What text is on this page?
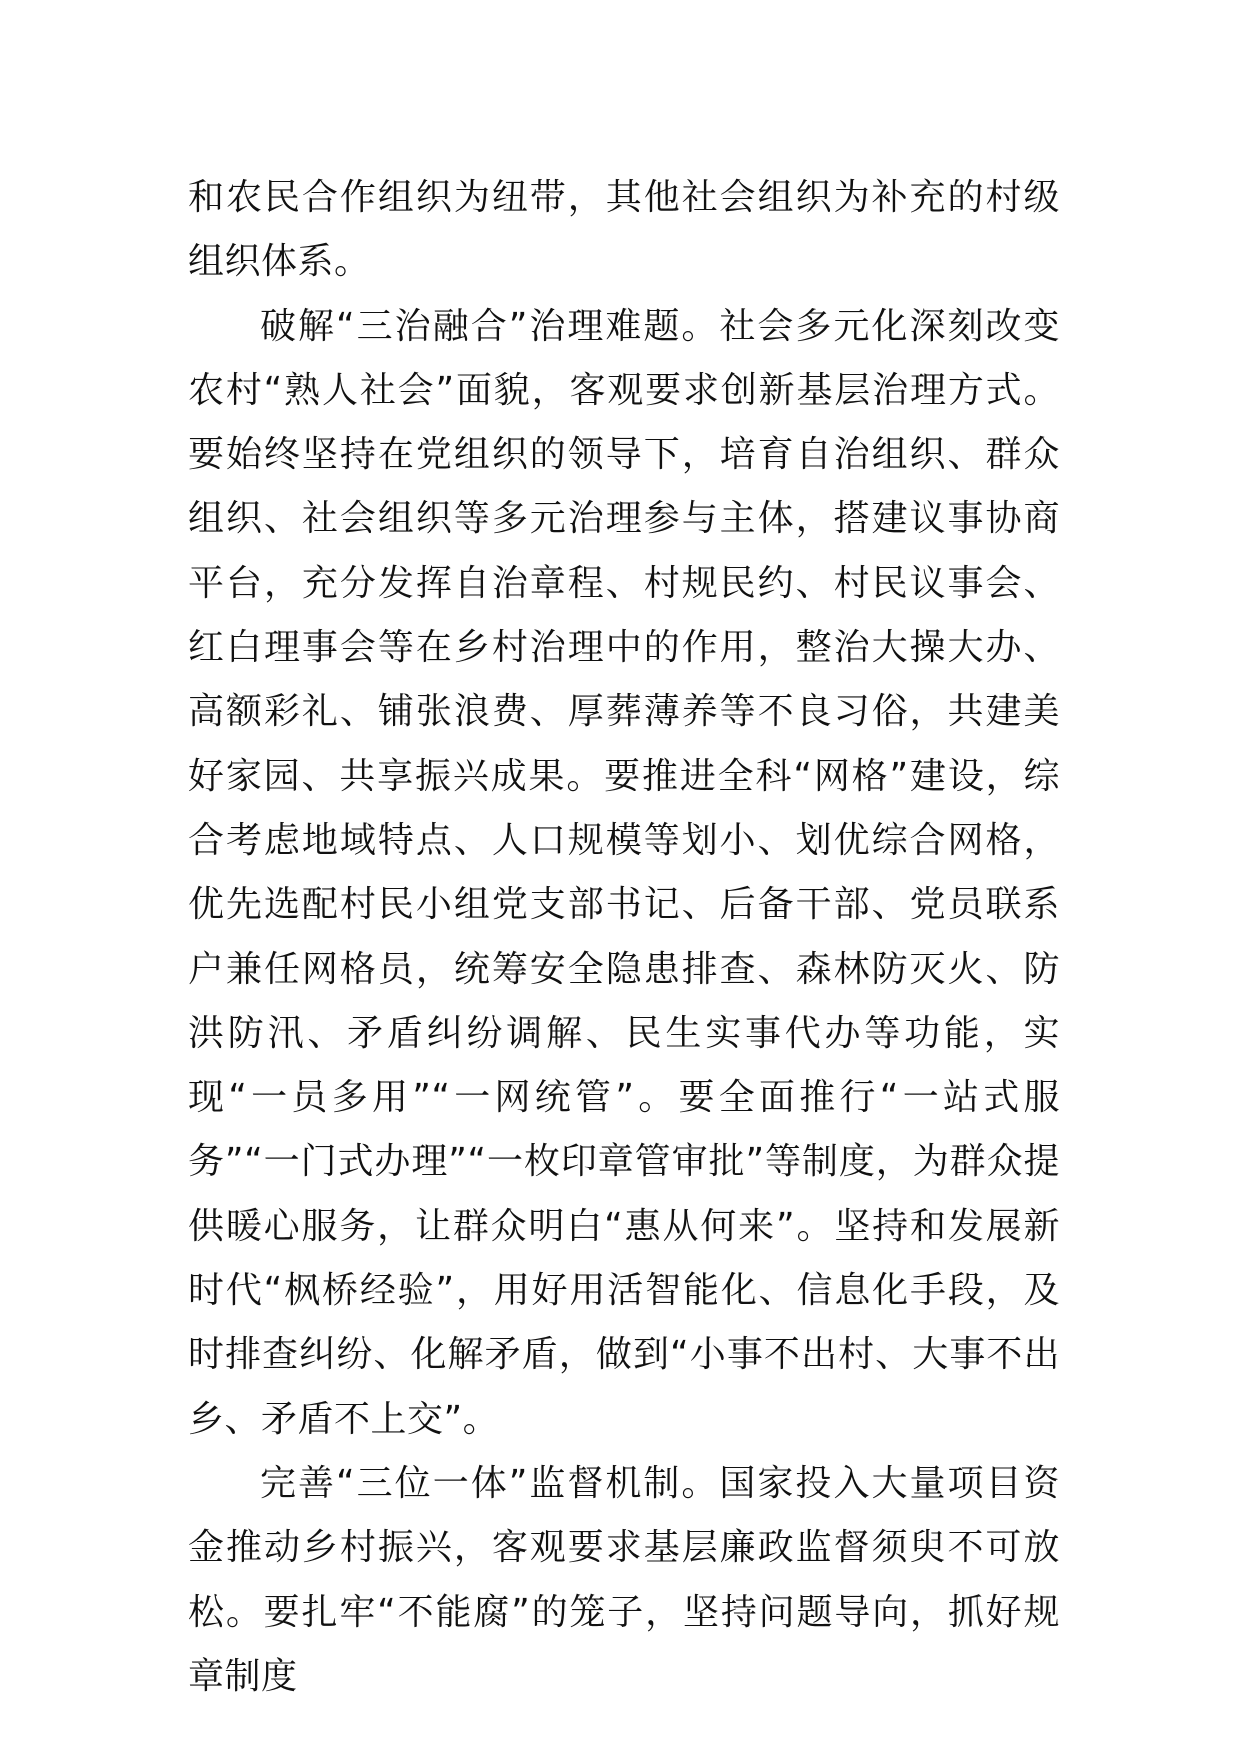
和农民合作组织为纽带，其他社会组织为补充的村级组织体系。

破解“三治融合”治理难题。社会多元化深刻改变农村“熟人社会”面貌，客观要求创新基层治理方式。要始终坚持在党组织的领导下，培育自治组织、群众组织、社会组织等多元治理参与主体，搭建议事协商平台，充分发挥自治章程、村规民约、村民议事会、红白理事会等在乡村治理中的作用，整治大操大办、高额彩礼、铺张浪费、厚葬薄养等不良习俗，共建美好家园、共享振兴成果。要推进全科“网格”建设，综合考虑地域特点、人口规模等划小、划优综合网格，优先选配村民小组党支部书记、后备干部、党员联系户兼任网格员，统筹安全隐患排查、森林防灭火、防洪防汛、矛盾纠纷调解、民生实事代办等功能，实现“一员多用”“一网统管”。要全面推行“一站式服务”“一门式办理”“一枚印章管审批”等制度，为群众提供暖心服务，让群众明白“惠从何来”。坚持和发展新时代“枫桥经验”，用好用活智能化、信息化手段，及时排查纠纷、化解矛盾，做到“小事不出村、大事不出乡、矛盾不上交”。

完善“三位一体”监督机制。国家投入大量项目资金推动乡村振兴，客观要求基层廉政监督须臾不可放松。要扎牢“不能腐”的笼子，坚持问题导向，抓好规章制度
